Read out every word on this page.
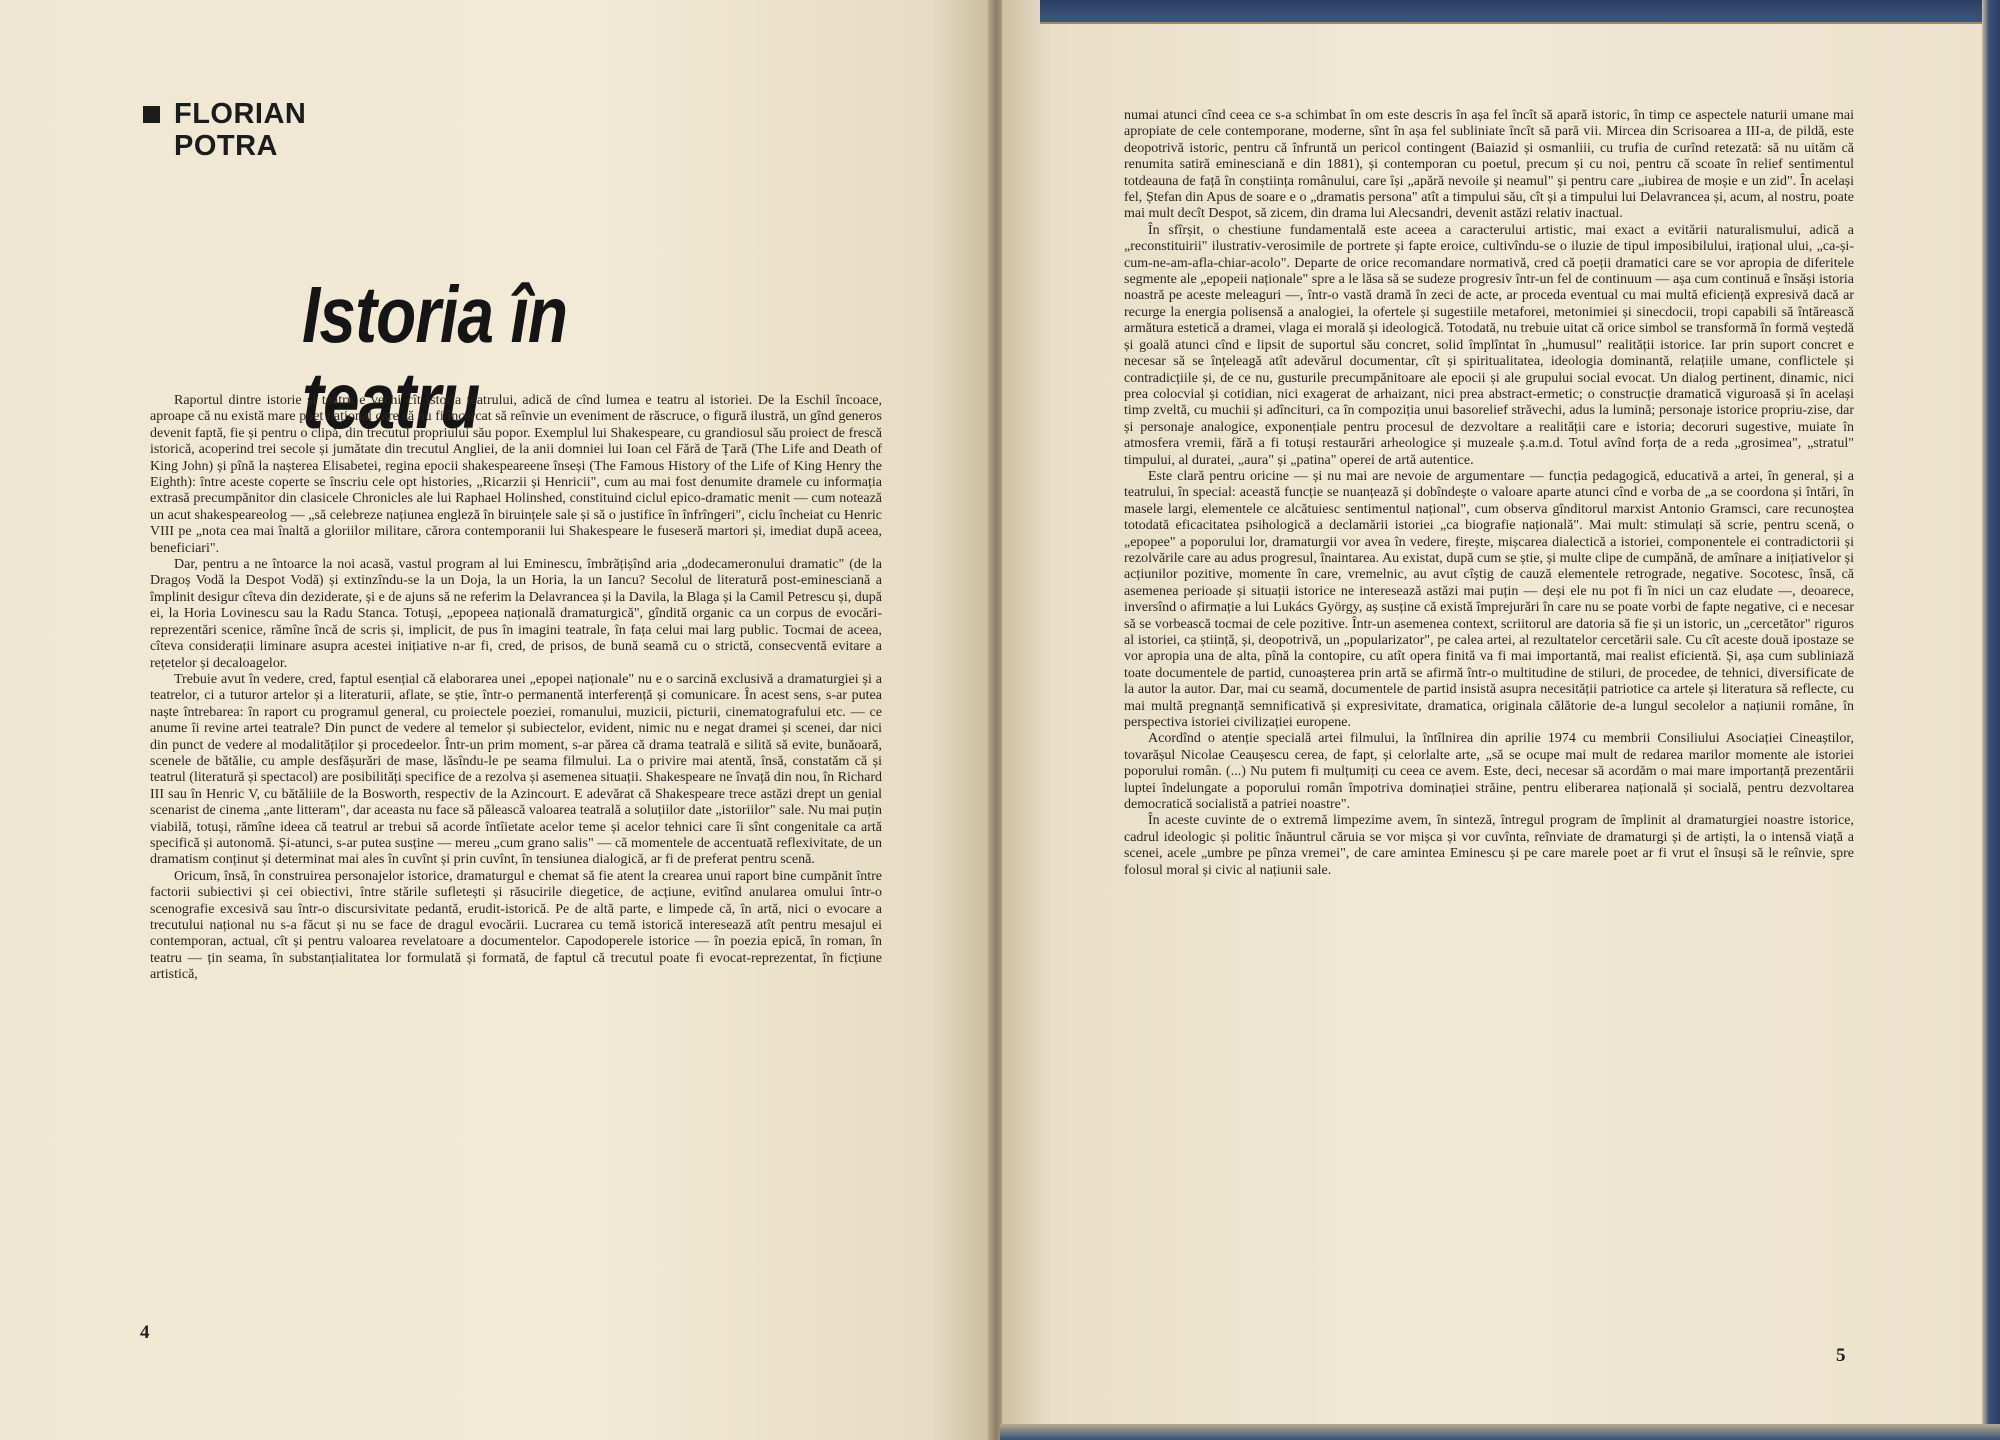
FLORIAN
POTRA
Istoria în teatru

Raportul dintre istorie și teatru e vechi cît istoria teatrului, adică de cînd lumea e teatru al istoriei. De la Eschil încoace, aproape că nu există mare poet național care să nu fi încercat să reînvie un eveniment de răscruce, o figură ilustră, un gînd generos devenit faptă, fie și pentru o clipă, din trecutul propriului său popor. Exemplul lui Shakespeare, cu grandiosul său proiect de frescă istorică, acoperind trei secole și jumătate din trecutul Angliei, de la anii domniei lui Ioan cel Fără de Țară (The Life and Death of King John) și pînă la nașterea Elisabetei, regina epocii shakespeareene înseși (The Famous History of the Life of King Henry the Eighth): între aceste coperte se înscriu cele opt histories, „Ricarzii și Henricii", cum au mai fost denumite dramele cu informația extrasă precumpănitor din clasicele Chronicles ale lui Raphael Holinshed, constituind ciclul epico-dramatic menit — cum notează un acut shakespeareolog — „să celebreze națiunea engleză în biruințele sale și să o justifice în înfrîngeri", ciclu încheiat cu Henric VIII pe „nota cea mai înaltă a gloriilor militare, cărora contemporanii lui Shakespeare le fuseseră martori și, imediat după aceea, beneficiari".

Dar, pentru a ne întoarce la noi acasă, vastul program al lui Eminescu, îmbrățișînd aria „dodecameronului dramatic" (de la Dragoș Vodă la Despot Vodă) și extinzîndu-se la un Doja, la un Horia, la un Iancu? Secolul de literatură post-eminesciană a împlinit desigur cîteva din deziderate, și e de ajuns să ne referim la Delavrancea și la Davila, la Blaga și la Camil Petrescu și, după ei, la Horia Lovinescu sau la Radu Stanca. Totuși, „epopeea națională dramaturgică", gîndită organic ca un corpus de evocări-reprezentări scenice, rămîne încă de scris și, implicit, de pus în imagini teatrale, în fața celui mai larg public. Tocmai de aceea, cîteva considerații liminare asupra acestei inițiative n-ar fi, cred, de prisos, de bună seamă cu o strictă, consecventă evitare a rețetelor și decaloagelor.

Trebuie avut în vedere, cred, faptul esențial că elaborarea unei „epopei naționale" nu e o sarcină exclusivă a dramaturgiei și a teatrelor, ci a tuturor artelor și a literaturii, aflate, se știe, într-o permanentă interferență și comunicare. În acest sens, s-ar putea naște întrebarea: în raport cu programul general, cu proiectele poeziei, romanului, muzicii, picturii, cinematografului etc. — ce anume îi revine artei teatrale? Din punct de vedere al temelor și subiectelor, evident, nimic nu e negat dramei și scenei, dar nici din punct de vedere al modalităților și procedeelor. Într-un prim moment, s-ar părea că drama teatrală e silită să evite, bunăoară, scenele de bătălie, cu ample desfășurări de mase, lăsîndu-le pe seama filmului. La o privire mai atentă, însă, constatăm că și teatrul (literatură și spectacol) are posibilități specifice de a rezolva și asemenea situații. Shakespeare ne învață din nou, în Richard III sau în Henric V, cu bătăliile de la Bosworth, respectiv de la Azincourt. E adevărat că Shakespeare trece astăzi drept un genial scenarist de cinema „ante litteram", dar aceasta nu face să pălească valoarea teatrală a soluțiilor date „istoriilor" sale. Nu mai puțin viabilă, totuși, rămîne ideea că teatrul ar trebui să acorde întîietate acelor teme și acelor tehnici care îi sînt congenitale ca artă specifică și autonomă. Și-atunci, s-ar putea susține — mereu „cum grano salis" — că momentele de accentuată reflexivitate, de un dramatism conținut și determinat mai ales în cuvînt și prin cuvînt, în tensiunea dialogică, ar fi de preferat pentru scenă.

Oricum, însă, în construirea personajelor istorice, dramaturgul e chemat să fie atent la crearea unui raport bine cumpănit între factorii subiectivi și cei obiectivi, între stările sufletești și răsucirile diegetice, de acțiune, evitînd anularea omului într-o scenografie excesivă sau într-o discursivitate pedantă, erudit-istorică. Pe de altă parte, e limpede că, în artă, nici o evocare a trecutului național nu s-a făcut și nu se face de dragul evocării. Lucrarea cu temă istorică interesează atît pentru mesajul ei contemporan, actual, cît și pentru valoarea revelatoare a documentelor. Capodoperele istorice — în poezia epică, în roman, în teatru — țin seama, în substanțialitatea lor formulată și formată, de faptul că trecutul poate fi evocat-reprezentat, în ficțiune artistică,

4

numai atunci cînd ceea ce s-a schimbat în om este descris în așa fel încît să apară istoric, în timp ce aspectele naturii umane mai apropiate de cele contemporane, moderne, sînt în așa fel subliniate încît să pară vii. Mircea din Scrisoarea a III-a, de pildă, este deopotrivă istoric, pentru că înfruntă un pericol contingent (Baiazid și osmanliii, cu trufia de curînd retezată: să nu uităm că renumita satiră eminesciană e din 1881), și contemporan cu poetul, precum și cu noi, pentru că scoate în relief sentimentul totdeauna de față în conștiința românului, care își „apără nevoile și neamul" și pentru care „iubirea de moșie e un zid". În același fel, Ștefan din Apus de soare e o „dramatis persona" atît a timpului său, cît și a timpului lui Delavrancea și, acum, al nostru, poate mai mult decît Despot, să zicem, din drama lui Alecsandri, devenit astăzi relativ inactual.

În sfîrșit, o chestiune fundamentală este aceea a caracterului artistic, mai exact a evitării naturalismului, adică a „reconstituirii" ilustrativ-verosimile de portrete și fapte eroice, cultivîndu-se o iluzie de tipul imposibilului, irațional ului, „ca-și-cum-ne-am-afla-chiar-acolo". Departe de orice recomandare normativă, cred că poeții dramatici care se vor apropia de diferitele segmente ale „epopeii naționale" spre a le lăsa să se sudeze progresiv într-un fel de continuum — așa cum continuă e însăși istoria noastră pe aceste meleaguri —, într-o vastă dramă în zeci de acte, ar proceda eventual cu mai multă eficiență expresivă dacă ar recurge la energia polisensă a analogiei, la ofertele și sugestiile metaforei, metonimiei și sinecdocii, tropi capabili să întărească armătura estetică a dramei, vlaga ei morală și ideologică. Totodată, nu trebuie uitat că orice simbol se transformă în formă veștedă și goală atunci cînd e lipsit de suportul său concret, solid împlîntat în „humusul" realității istorice. Iar prin suport concret e necesar să se înțeleagă atît adevărul documentar, cît și spiritualitatea, ideologia dominantă, relațiile umane, conflictele și contradicțiile și, de ce nu, gusturile precumpănitoare ale epocii și ale grupului social evocat. Un dialog pertinent, dinamic, nici prea colocvial și cotidian, nici exagerat de arhaizant, nici prea abstract-ermetic; o construcție dramatică viguroasă și în același timp zveltă, cu muchii și adîncituri, ca în compoziția unui basorelief străvechi, adus la lumină; personaje istorice propriu-zise, dar și personaje analogice, exponențiale pentru procesul de dezvoltare a realității care e istoria; decoruri sugestive, muiate în atmosfera vremii, fără a fi totuși restaurări arheologice și muzeale ș.a.m.d. Totul avînd forța de a reda „grosimea", „stratul" timpului, al duratei, „aura" și „patina" operei de artă autentice.

Este clară pentru oricine — și nu mai are nevoie de argumentare — funcția pedagogică, educativă a artei, în general, și a teatrului, în special: această funcție se nuanțează și dobîndește o valoare aparte atunci cînd e vorba de „a se coordona și întări, în masele largi, elementele ce alcătuiesc sentimentul național", cum observa gînditorul marxist Antonio Gramsci, care recunoștea totodată eficacitatea psihologică a declamării istoriei „ca biografie națională". Mai mult: stimulați să scrie, pentru scenă, o „epopee" a poporului lor, dramaturgii vor avea în vedere, firește, mișcarea dialectică a istoriei, componentele ei contradictorii și rezolvările care au adus progresul, înaintarea. Au existat, după cum se știe, și multe clipe de cumpănă, de amînare a inițiativelor și acțiunilor pozitive, momente în care, vremelnic, au avut cîștig de cauză elementele retrograde, negative. Socotesc, însă, că asemenea perioade și situații istorice ne interesează astăzi mai puțin — deși ele nu pot fi în nici un caz eludate —, deoarece, inversînd o afirmație a lui Lukács György, aș susține că există împrejurări în care nu se poate vorbi de fapte negative, ci e necesar să se vorbească tocmai de cele pozitive. Într-un asemenea context, scriitorul are datoria să fie și un istoric, un „cercetător" riguros al istoriei, ca știință, și, deopotrivă, un „popularizator", pe calea artei, al rezultatelor cercetării sale. Cu cît aceste două ipostaze se vor apropia una de alta, pînă la contopire, cu atît opera finită va fi mai importantă, mai realist eficientă. Și, așa cum subliniază toate documentele de partid, cunoașterea prin artă se afirmă într-o multitudine de stiluri, de procedee, de tehnici, diversificate de la autor la autor. Dar, mai cu seamă, documentele de partid insistă asupra necesității patriotice ca artele și literatura să reflecte, cu mai multă pregnanță semnificativă și expresivitate, dramatica, originala călătorie de-a lungul secolelor a națiunii române, în perspectiva istoriei civilizației europene.

Acordînd o atenție specială artei filmului, la întîlnirea din aprilie 1974 cu membrii Consiliului Asociației Cineaștilor, tovarășul Nicolae Ceaușescu cerea, de fapt, și celorlalte arte, „să se ocupe mai mult de redarea marilor momente ale istoriei poporului român. (...) Nu putem fi mulțumiți cu ceea ce avem. Este, deci, necesar să acordăm o mai mare importanță prezentării luptei îndelungate a poporului român împotriva dominației străine, pentru eliberarea națională și socială, pentru dezvoltarea democratică socialistă a patriei noastre".

În aceste cuvinte de o extremă limpezime avem, în sinteză, întregul program de împlinit al dramaturgiei noastre istorice, cadrul ideologic și politic înăuntrul căruia se vor mișca și vor cuvînta, reînviate de dramaturgi și de artiști, la o intensă viață a scenei, acele „umbre pe pînza vremei", de care amintea Eminescu și pe care marele poet ar fi vrut el însuși să le reînvie, spre folosul moral și civic al națiunii sale.

5
